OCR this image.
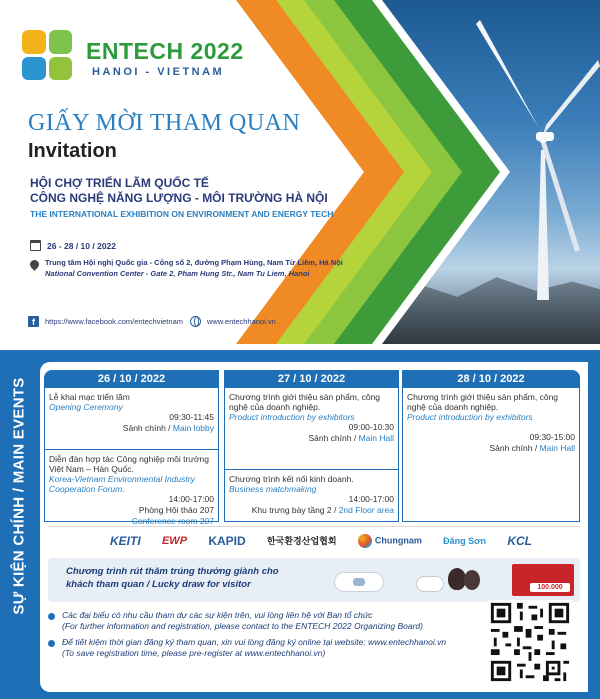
ENTECH 2022
HANOI - VIETNAM
GIẤY MỜI THAM QUAN
Invitation
HỘI CHỢ TRIỂN LÃM QUỐC TẾ
CÔNG NGHỆ NĂNG LƯỢNG - MÔI TRƯỜNG HÀ NỘI
THE INTERNATIONAL EXHIBITION ON ENVIRONMENT AND ENERGY TECH
26 - 28 / 10 / 2022
Trung tâm Hội nghị Quốc gia - Cổng số 2, đường Phạm Hùng, Nam Từ Liêm, Hà Nội
National Convention Center - Gate 2, Pham Hung Str., Nam Tu Liem, Hanoi
f	https://www.facebook.com/entechvietnam	www.entechhanoi.vn
SỰ KIỆN CHÍNH / MAIN EVENTS	26 / 10 / 2022
Lễ khai mạc triển lãm
Opening Ceremony
09:30-11:45
Sảnh chính / Main lobby
Diễn đàn hợp tác Công nghiệp môi trường Việt Nam – Hàn Quốc.
Korea-Vietnam Environmental Industry Cooperation Forum.
14:00-17:00
Phòng Hội thảo 207
Conference room 207
27 / 10 / 2022
Chương trình giới thiệu sản phẩm, công nghệ của doanh nghiệp.
Product introduction by exhibitors
09:00-10:30
Sảnh chính / Main Hall
Chương trình kết nối kinh doanh.
Business matchmaking
14:00-17:00
Khu trưng bày tầng 2 / 2nd Floor area
28 / 10 / 2022
Chương trình giới thiệu sản phẩm, công nghệ của doanh nghiệp.
Product introduction by exhibitors
09:30-15:00
Sảnh chính / Main Hall
KEITI EWP KAPID 한국환경산업협회	Chungnam Đăng Sơn KCL
Chương trình rút thăm trúng thưởng giành cho khách tham quan / Lucky draw for visitor	100.000
Các đại biểu có nhu cầu tham dự các sự kiện trên, vui lòng liên hệ với Ban tổ chức
(For further information and registration, please contact to the ENTECH 2022 Organizing Board)
Để tiết kiệm thời gian đăng ký tham quan, xin vui lòng đăng ký online tại website: www.entechhanoi.vn
(To save registration time, please pre-register at www.entechhanoi.vn)
